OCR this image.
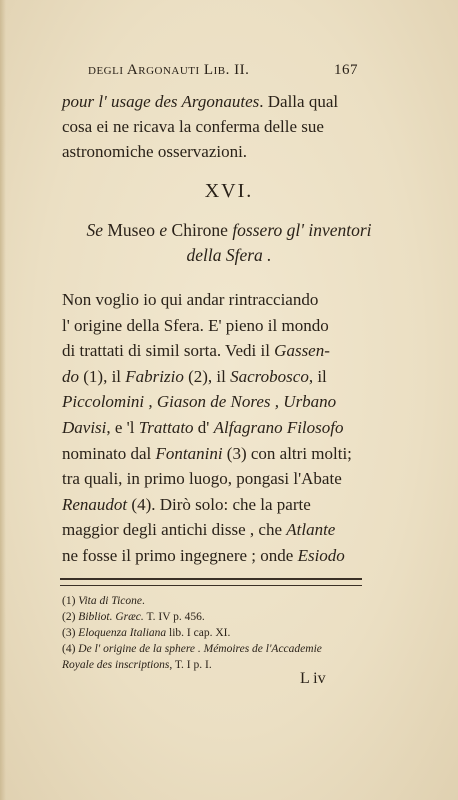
degli Argonauti Lib. II.	167
pour l' usage des Argonautes. Dalla qual
cosa ei ne ricava la conferma delle sue
astronomiche osservazioni.
XVI.
Se Museo e Chirone fossero gl' inventori
della Sfera .
Non voglio io qui andar rintracciando
l' origine della Sfera. E' pieno il mondo
di trattati di simil sorta. Vedi il Gassen-
do (1), il Fabrizio (2), il Sacrobosco, il
Piccolomini , Giason de Nores , Urbano
Davisi, e 'l Trattato d' Alfagrano Filosofo
nominato dal Fontanini (3) con altri molti;
tra quali, in primo luogo, pongasi l'Abate
Renaudot (4). Dirò solo: che la parte
maggior degli antichi disse , che Atlante
ne fosse il primo ingegnere ; onde Esiodo
(1) Vita di Ticone.
(2) Bibliot. Græc. T. IV p. 456.
(3) Eloquenza Italiana lib. I cap. XI.
(4) De l' origine de la sphere . Mémoires de l'Accademie
Royale des inscriptions, T. I p. I.
L iv
